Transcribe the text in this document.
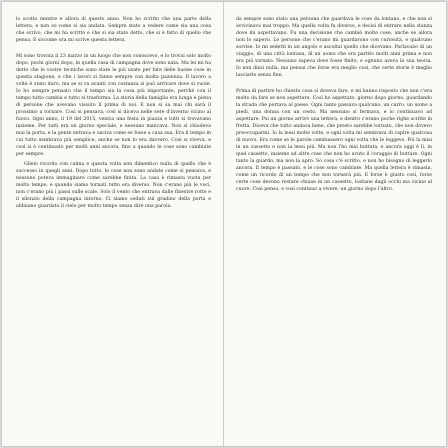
lo scotto mentre e allora di questo anno. Non ho scritto che una parte della lettera, e non so come si sia andata. Sempre stato a vedere come sia una cosa che scrivo, che mi ha scritto e che si sia stato detto, che si è fatto di quello che pensa. E siccome ora mi scrive questa lettera.

Mi sono trovata il 23 marzo in un luogo che non conoscevo, e lo trovai solo molto dopo, pochi giorni dopo, in quella casa di campagna dove sono nata. Ma lei mi ha detto che le vostre tecniche sono state le più usate per fare delle buone cose in questa stagione, e che i lavori si fanno sempre con molta pazienza. Il lavoro a volte è stato duro, ma se si va avanti con costanza si può arrivare dove si vuole. Io ho sempre pensato che il tempo sia la cosa più importante, perché con il tempo tutto cambia e tutto si trasforma. La storia della famiglia era lunga e piena di persone che avevano vissuto lì prima di noi. E non si sa mai chi sarà il prossimo a tornare. Così si pensava, così si diceva nelle sere d'inverno vicino al fuoco. Ogni anno, il 19 del 2015, veniva una festa in piazza e tutti si trovavano insieme. Per tutti era un giorno speciale, e nessuno mancava. Non si chiudeva mai la porta, e la gente entrava e usciva come se fosse a casa sua. Era il tempo in cui tutto sembrava più semplice, anche se non lo era davvero. Così si viveva, e così si è continuato per molti anni ancora, fino a quando le cose sono cambiate per sempre.

Glielo ricordo con calma e questa volta non dimentico nulla di quello che è successo in quegli anni. Dopo tutto, le cose non sono andate come si pensava, e nessuno poteva immaginare come sarebbe finita. La casa è rimasta vuota per molto tempo, e quando siamo tornati tutto era diverso. Non c'erano più le voci, non c'erano più i passi sulle scale. Solo il vento che entrava dalle finestre rotte e il silenzio della campagna intorno. Ci siamo seduti sul gradino della porta e abbiamo guardato il cielo per molto tempo senza dire una parola.

da sempre sono stato una persona che guardava le cose da lontano, e che non si avvicinava mai troppo. Ma quella volta fu diverso, e decisi di entrare nella stanza dove mi aspettavano. Fu una decisione che cambiò molte cose, anche se allora non lo sapevo. Le persone che c'erano mi guardarono con curiosità, e qualcuno sorrise. Io mi sedetti in un angolo e ascoltai quello che dicevano. Parlavano di un viaggio, di una città lontana, di un uomo che era partito molti anni prima e non era più tornato. Nessuno sapeva dove fosse finito, e ognuno aveva la sua teoria. Io non dissi nulla, ma pensai che forse era meglio così, che certe storie è meglio lasciarle senza fine.

Prima di partire ho chiesto cosa si doveva fare, e mi hanno risposto che non c'era molto da fare se non aspettare. Così ho aspettato, giorno dopo giorno, guardando la strada che portava al paese. Ogni tanto passava qualcuno, un carro, un uomo a piedi, una donna con un cesto. Ma nessuno si fermava, e io continuavo ad aspettare. Poi un giorno arrivò una lettera, e dentro c'erano poche righe scritte in fretta. Diceva che tutto andava bene, che presto sarebbe tornato, che non dovevo preoccuparmi. Io la lessi molte volte, e ogni volta mi sembrava di capire qualcosa di nuovo. Era come se le parole cambiassero ogni volta che le leggevo. Poi la misi in un cassetto e non la lessi più. Ma non l'ho mai buttata, e ancora oggi è lì, in quel cassetto, insieme ad altre cose che non ho avuto il coraggio di buttare. Ogni tanto la guardo, ma non la apro. So cosa c'è scritto, e non ho bisogno di leggerlo ancora. Il tempo è passato, e le cose sono cambiate. Ma quella lettera è rimasta, come un ricordo di un tempo che non tornerà più. E forse è giusto così, forse certe cose devono restare chiuse in un cassetto, lontane dagli occhi ma vicine al cuore. Così penso, e così continuo a vivere, un giorno dopo l'altro.
